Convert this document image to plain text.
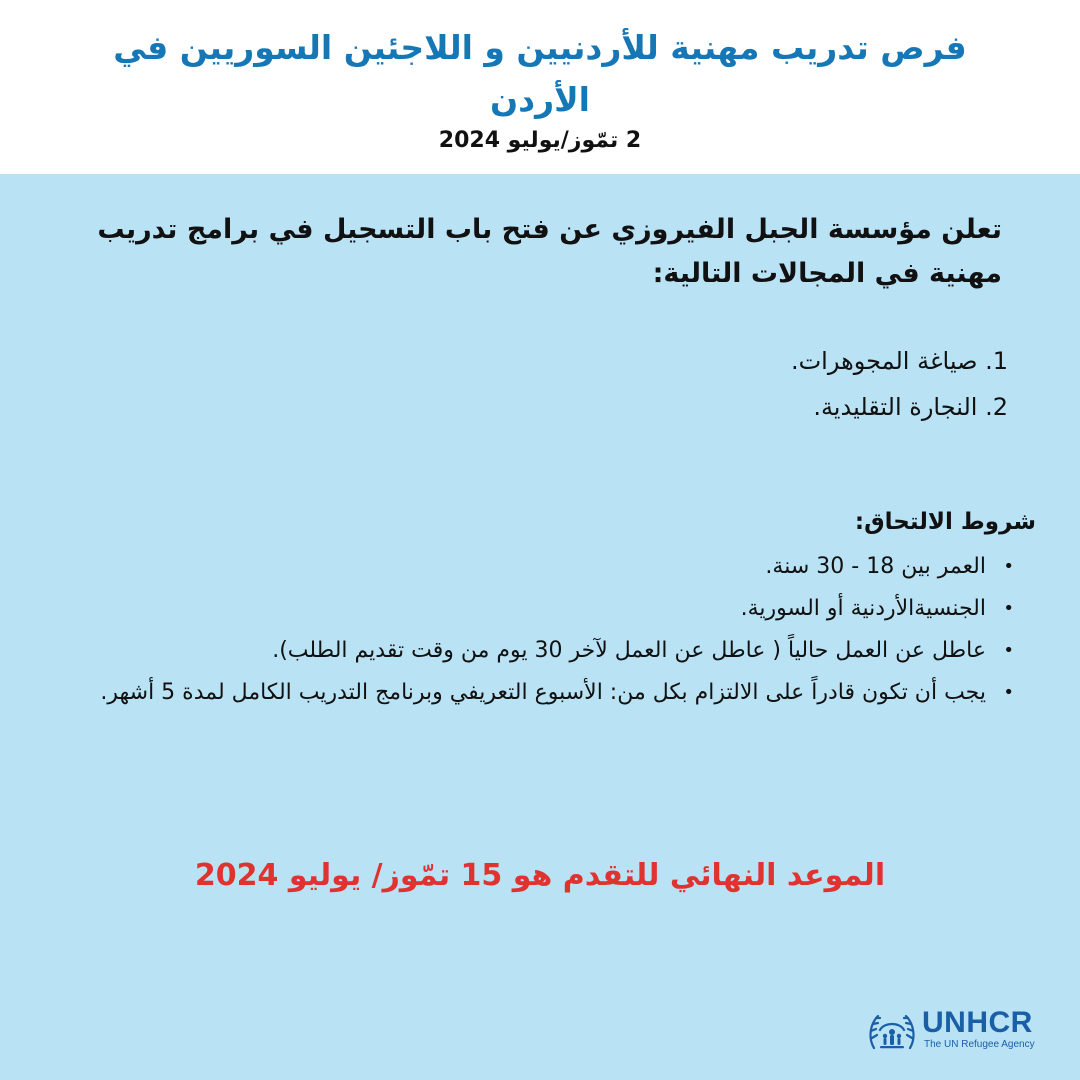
فرص تدريب مهنية للأردنيين و اللاجئين السوريين في الأردن
2 تمّوز/يوليو 2024
تعلن مؤسسة الجبل الفيروزي عن فتح باب التسجيل في برامج تدريب مهنية في المجالات التالية:
1. صياغة المجوهرات.
2. النجارة التقليدية.
شروط الالتحاق:
•
العمر بين 18 - 30 سنة.
•
الجنسيةالأردنية أو السورية.
•
عاطل عن العمل حالياً ( عاطل عن العمل لآخر 30 يوم من وقت تقديم الطلب).
•
يجب أن تكون قادراً على الالتزام بكل من: الأسبوع التعريفي وبرنامج التدريب الكامل لمدة 5 أشهر.
الموعد النهائي للتقدم هو 15 تمّوز/ يوليو 2024
UNHCR
The UN Refugee Agency
